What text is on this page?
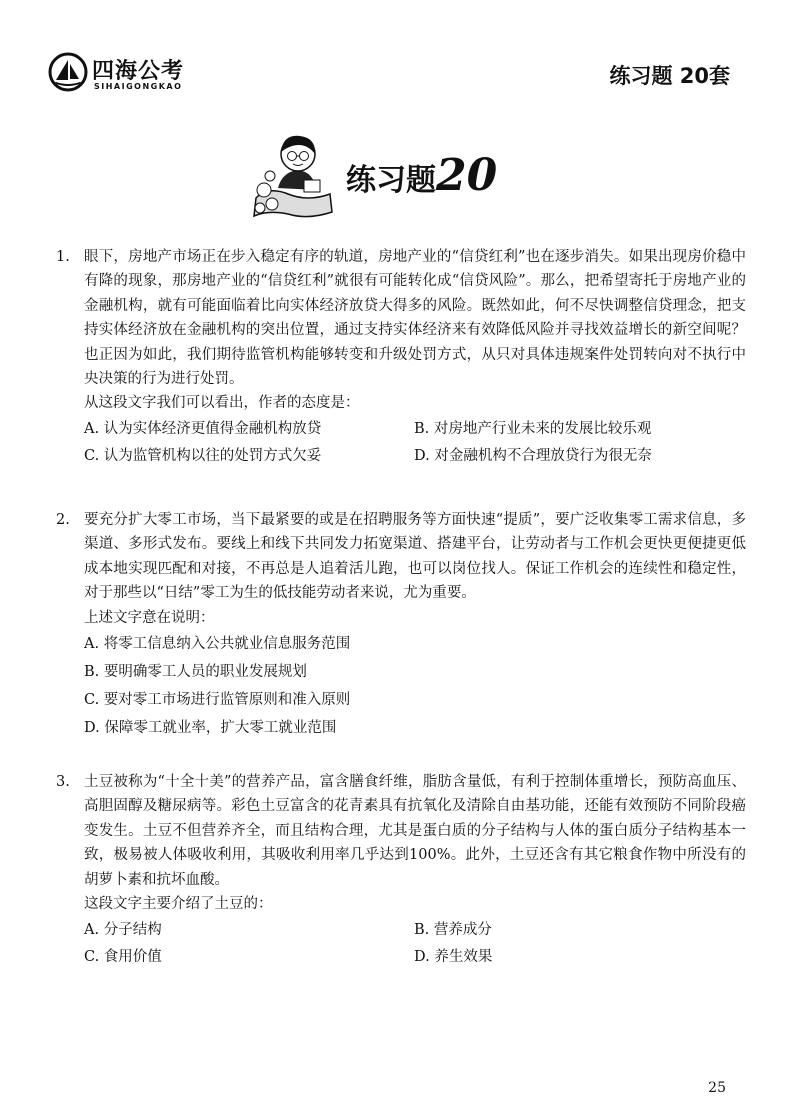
四海公考
SIHAIGONGKAO	练习题 20套
练习题20
1. 眼下，房地产市场正在步入稳定有序的轨道，房地产业的“信贷红利”也在逐步消失。如果出现房价稳中有降的现象，那房地产业的“信贷红利”就很有可能转化成“信贷风险”。那么，把希望寄托于房地产业的金融机构，就有可能面临着比向实体经济放贷大得多的风险。既然如此，何不尽快调整信贷理念，把支持实体经济放在金融机构的突出位置，通过支持实体经济来有效降低风险并寻找效益增长的新空间呢？也正因为如此，我们期待监管机构能够转变和升级处罚方式，从只对具体违规案件处罚转向对不执行中央决策的行为进行处罚。
从这段文字我们可以看出，作者的态度是：
A. 认为实体经济更值得金融机构放贷	B. 对房地产行业未来的发展比较乐观
C. 认为监管机构以往的处罚方式欠妥	D. 对金融机构不合理放贷行为很无奈
2. 要充分扩大零工市场，当下最紧要的或是在招聘服务等方面快速“提质”，要广泛收集零工需求信息，多渠道、多形式发布。要线上和线下共同发力拓宽渠道、搭建平台，让劳动者与工作机会更快更便捷更低成本地实现匹配和对接，不再总是人追着活儿跑，也可以岗位找人。保证工作机会的连续性和稳定性，对于那些以“日结”零工为生的低技能劳动者来说，尤为重要。
上述文字意在说明：
A. 将零工信息纳入公共就业信息服务范围
B. 要明确零工人员的职业发展规划
C. 要对零工市场进行监管原则和准入原则
D. 保障零工就业率，扩大零工就业范围
3. 土豆被称为“十全十美”的营养产品，富含膳食纤维，脂肪含量低，有利于控制体重增长，预防高血压、高胆固醇及糖尿病等。彩色土豆富含的花青素具有抗氧化及清除自由基功能，还能有效预防不同阶段癌变发生。土豆不但营养齐全，而且结构合理，尤其是蛋白质的分子结构与人体的蛋白质分子结构基本一致，极易被人体吸收利用，其吸收利用率几乎达到100%。此外，土豆还含有其它粮食作物中所没有的胡萝卜素和抗坏血酸。
这段文字主要介绍了土豆的：
A. 分子结构	B. 营养成分
C. 食用价值	D. 养生效果
25
